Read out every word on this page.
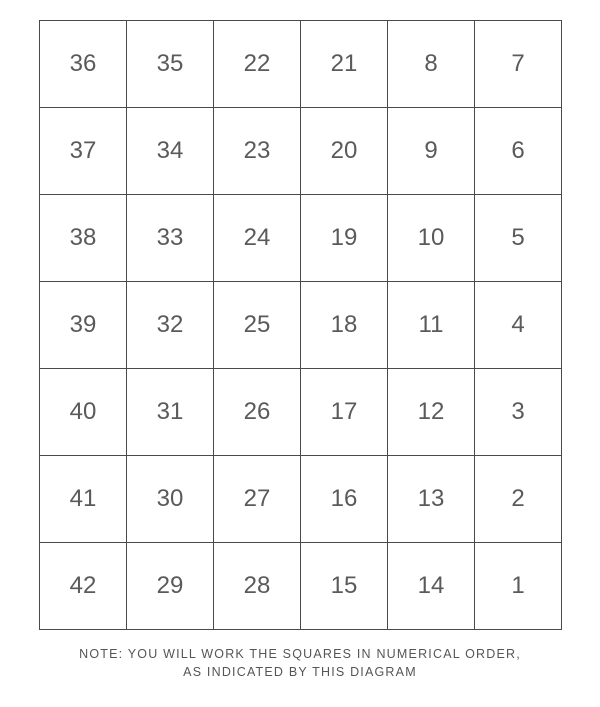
36	35	22	21	8	7
37	34	23	20	9	6
38	33	24	19	10	5
39	32	25	18	11	4
40	31	26	17	12	3
41	30	27	16	13	2
42	29	28	15	14	1
NOTE: YOU WILL WORK THE SQUARES IN NUMERICAL ORDER,
AS INDICATED BY THIS DIAGRAM
